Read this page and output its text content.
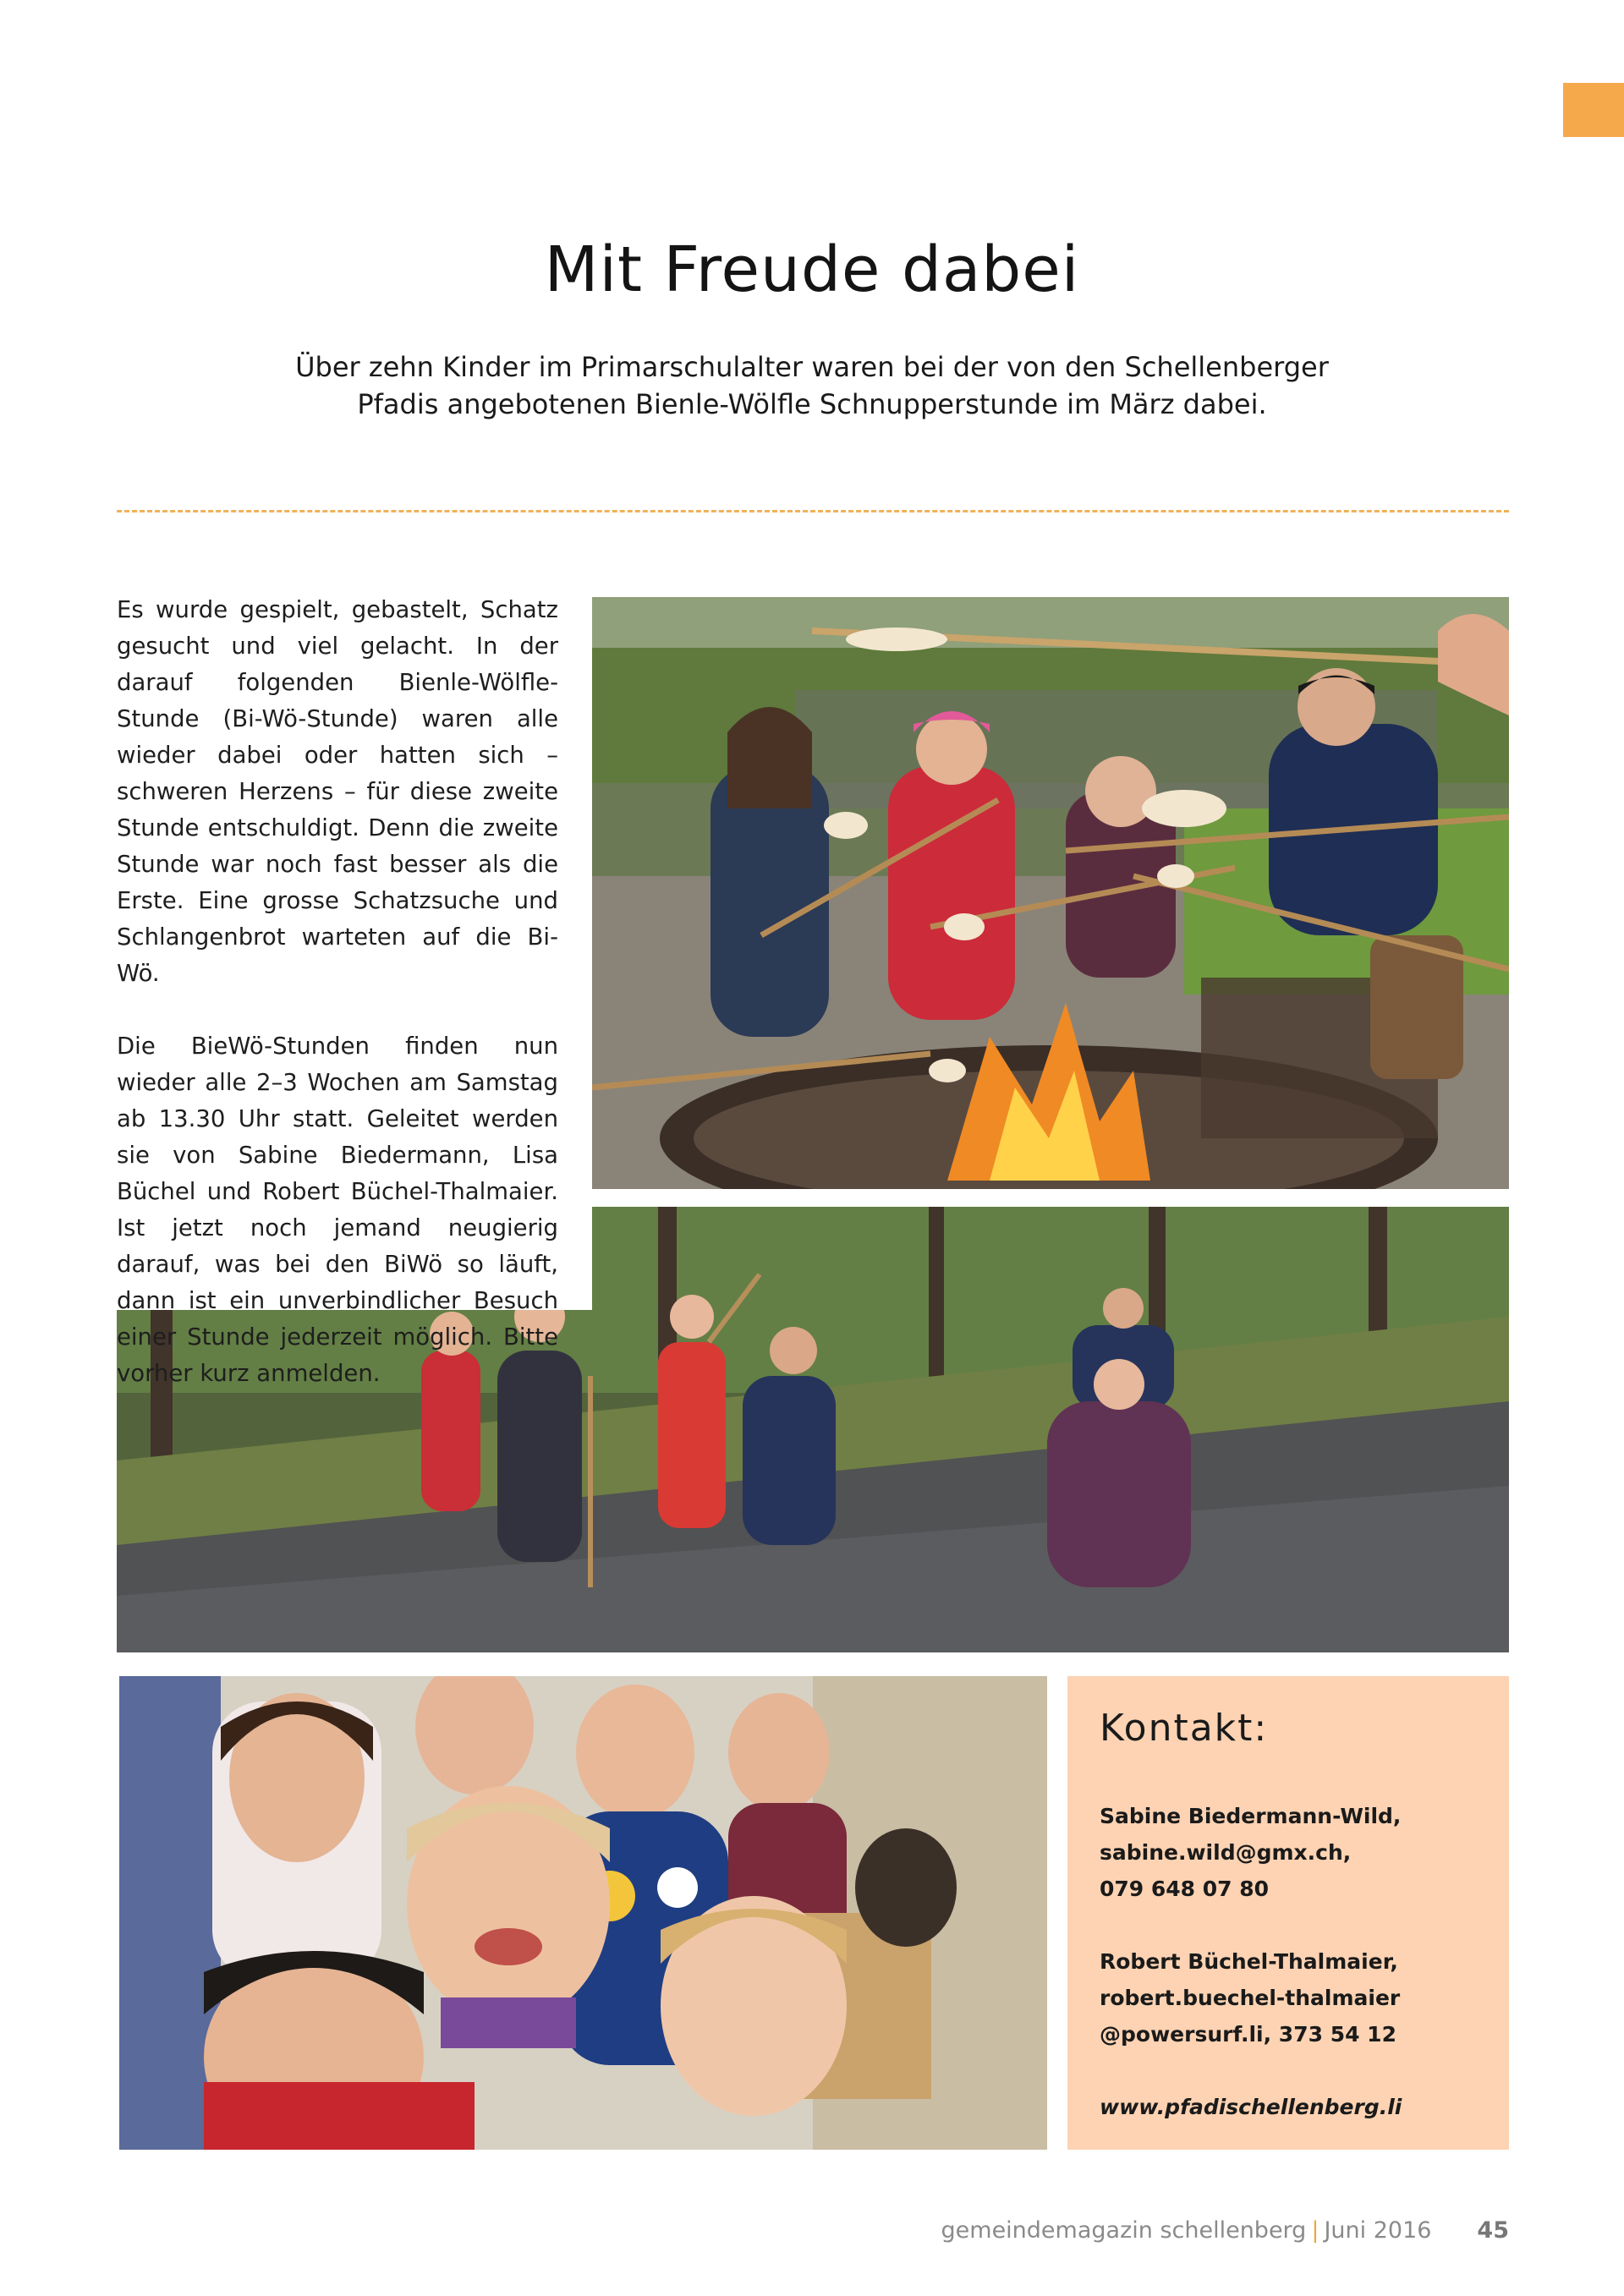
Mit Freude dabei
Über zehn Kinder im Primarschulalter waren bei der von den Schellenberger
Pfadis angebotenen Bienle-Wölfle Schnupperstunde im März dabei.

Es wurde gespielt, gebastelt, Schatz gesucht und viel gelacht. In der darauf folgenden Bienle-Wölfle-Stunde (Bi-Wö-Stunde) waren alle wieder dabei oder hatten sich – schweren Herzens – für diese zweite Stunde entschuldigt. Denn die zweite Stunde war noch fast besser als die Erste. Eine grosse Schatzsuche und Schlangenbrot warteten auf die Bi-Wö.

Die BieWö-Stunden finden nun wieder alle 2–3 Wochen am Samstag ab 13.30 Uhr statt. Geleitet werden sie von Sabine Biedermann, Lisa Büchel und Robert Büchel-Thalmaier. Ist jetzt noch jemand neugierig darauf, was bei den BiWö so läuft, dann ist ein unverbindlicher Besuch einer Stunde jederzeit möglich. Bitte vorher kurz anmelden.

Kontakt:
Sabine Biedermann-Wild,
sabine.wild@gmx.ch,
079 648 07 80
Robert Büchel-Thalmaier,
robert.buechel-thalmaier
@powersurf.li, 373 54 12
www.pfadischellenberg.li
gemeindemagazin schellenberg | Juni 2016 45
